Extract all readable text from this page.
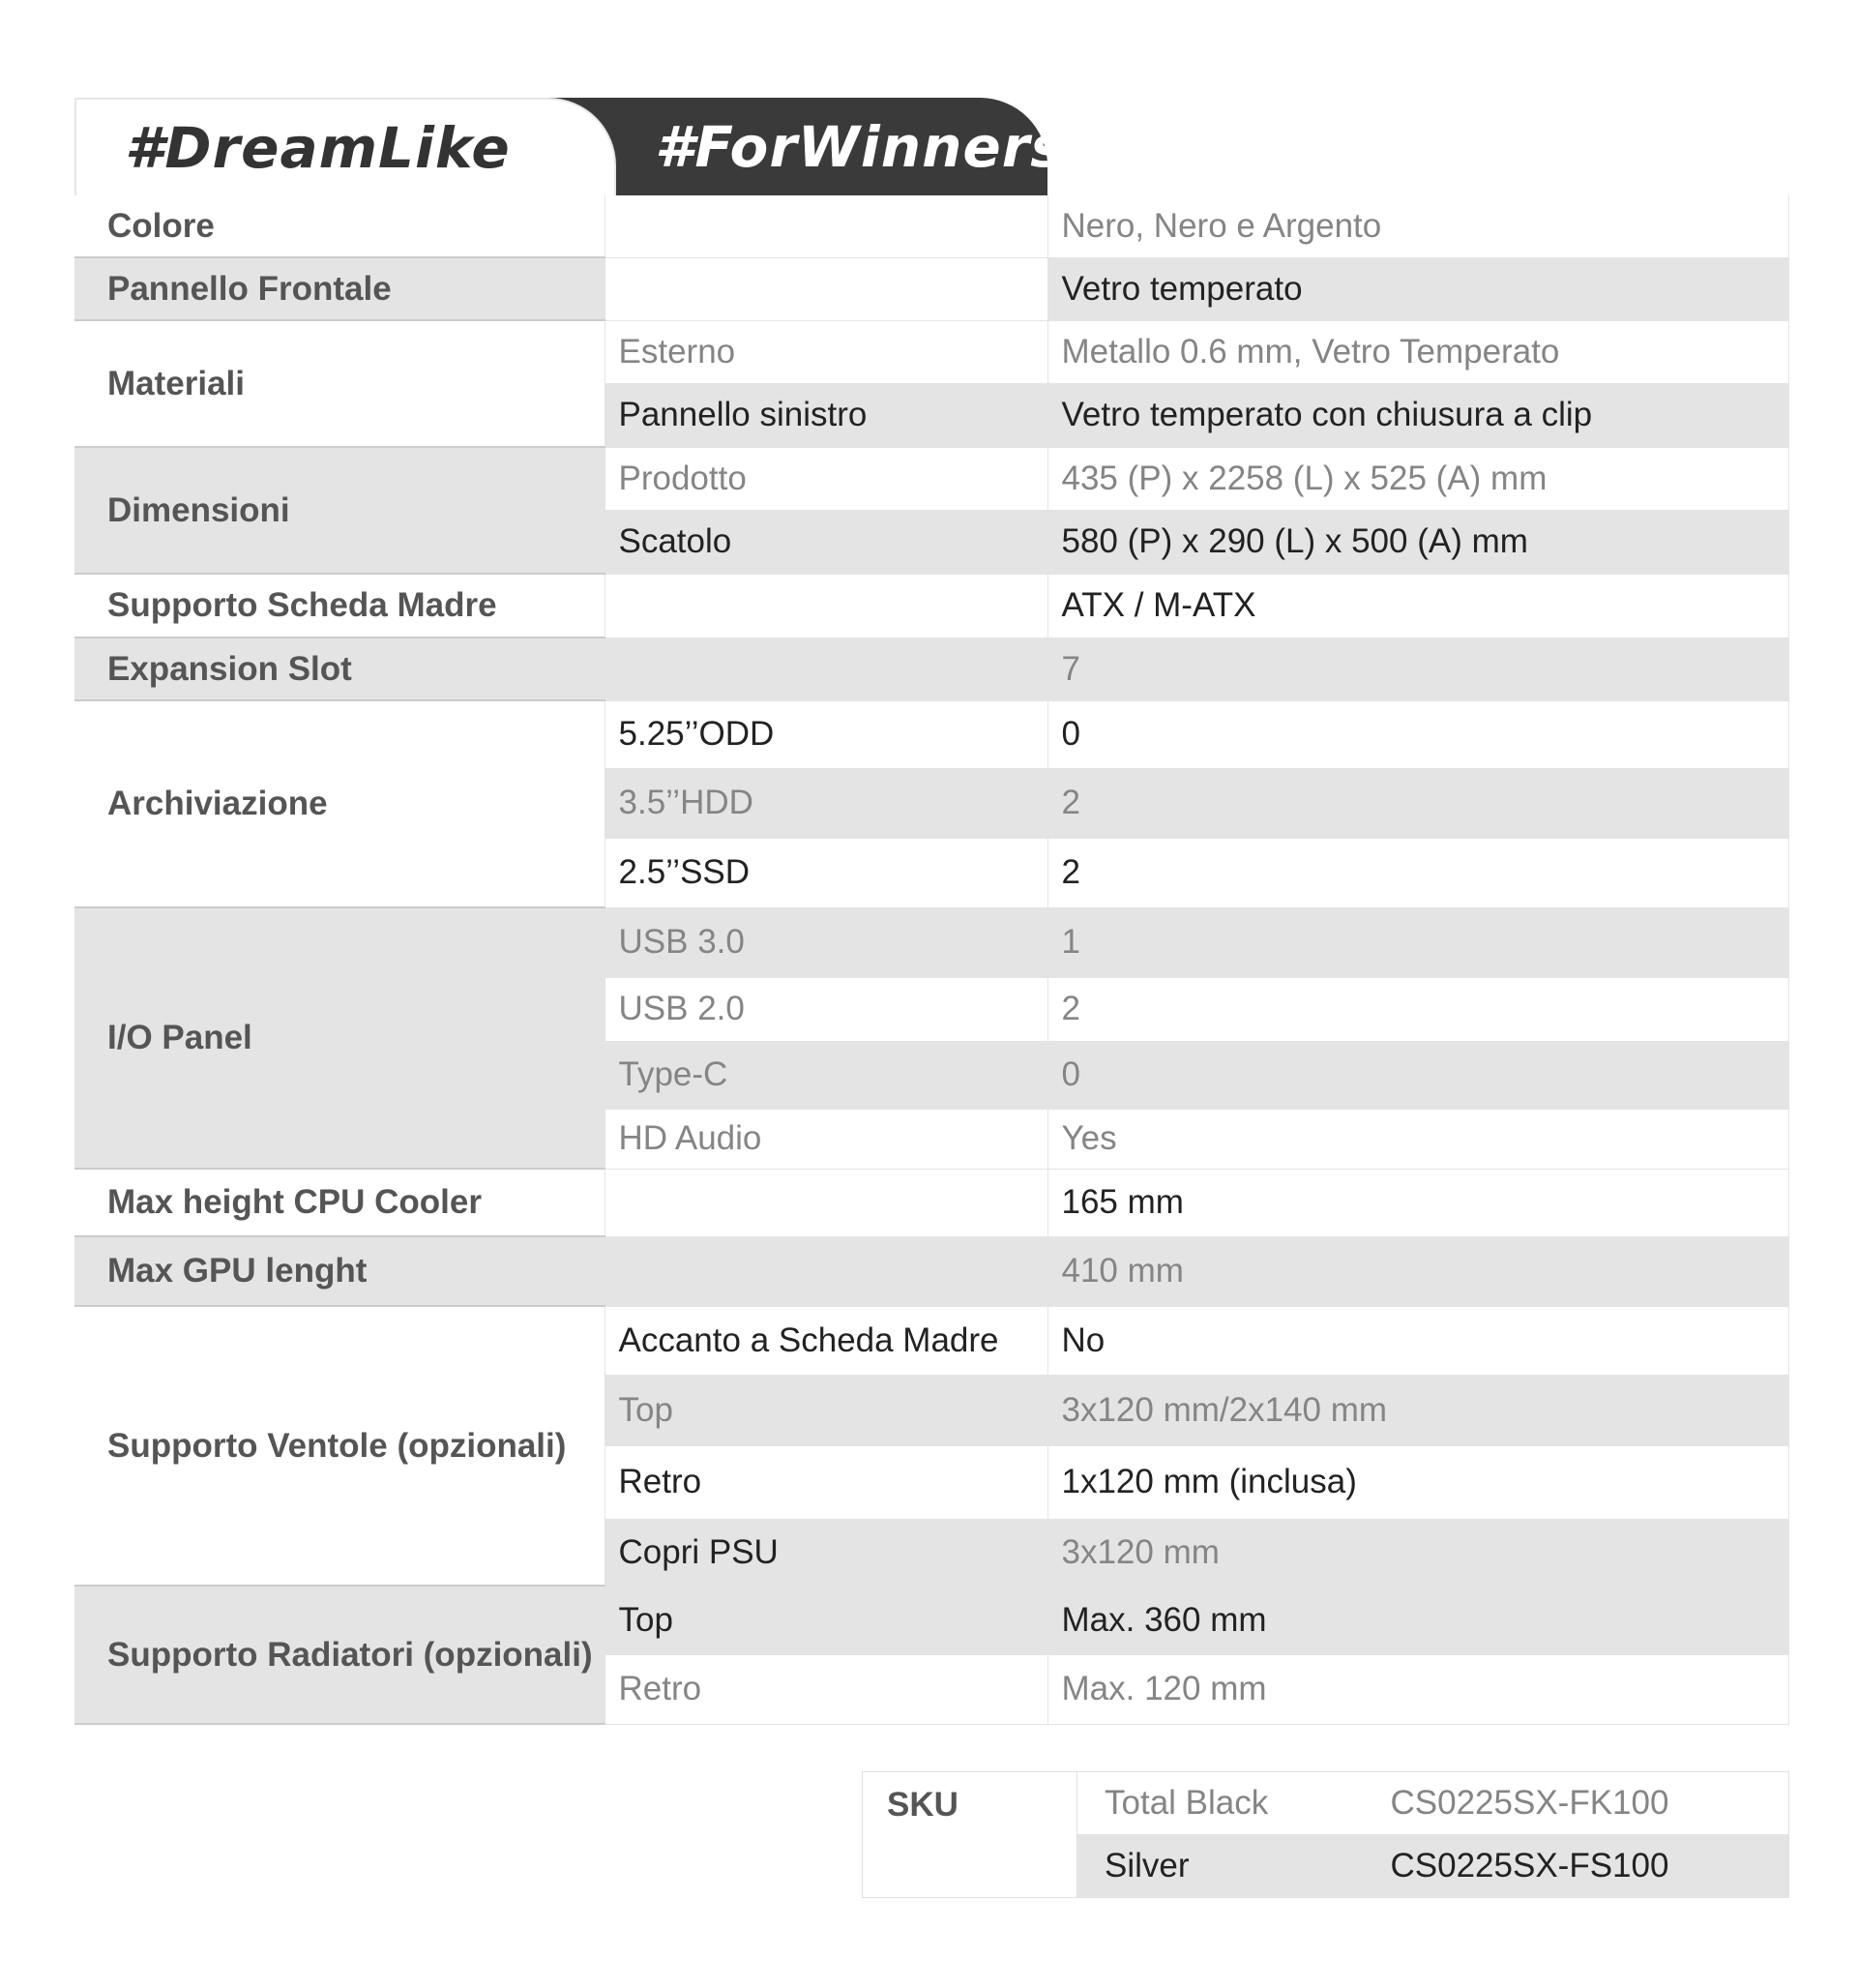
#DreamLike	#ForWinners
Colore		Nero, Nero e Argento
Pannello Frontale		Vetro temperato
Materiali	Esterno	Metallo 0.6 mm, Vetro Temperato
	Pannello sinistro	Vetro temperato con chiusura a clip
Dimensioni	Prodotto	435 (P) x 2258 (L) x 525 (A) mm
	Scatolo	580 (P) x 290 (L) x 500 (A) mm
Supporto Scheda Madre		ATX / M-ATX
Expansion Slot		7
Archiviazione	5.25’’ODD	0
	3.5’’HDD	2
	2.5’’SSD	2
I/O Panel	USB 3.0	1
	USB 2.0	2
	Type-C	0
	HD Audio	Yes
Max height CPU Cooler		165 mm
Max GPU lenght		410 mm
Supporto Ventole (opzionali)	Accanto a Scheda Madre	No
	Top	3x120 mm/2x140 mm
	Retro	1x120 mm (inclusa)
	Copri PSU	3x120 mm
Supporto Radiatori (opzionali)	Top	Max. 360 mm
	Retro	Max. 120 mm
SKU	Total Black	CS0225SX-FK100
	Silver	CS0225SX-FS100
